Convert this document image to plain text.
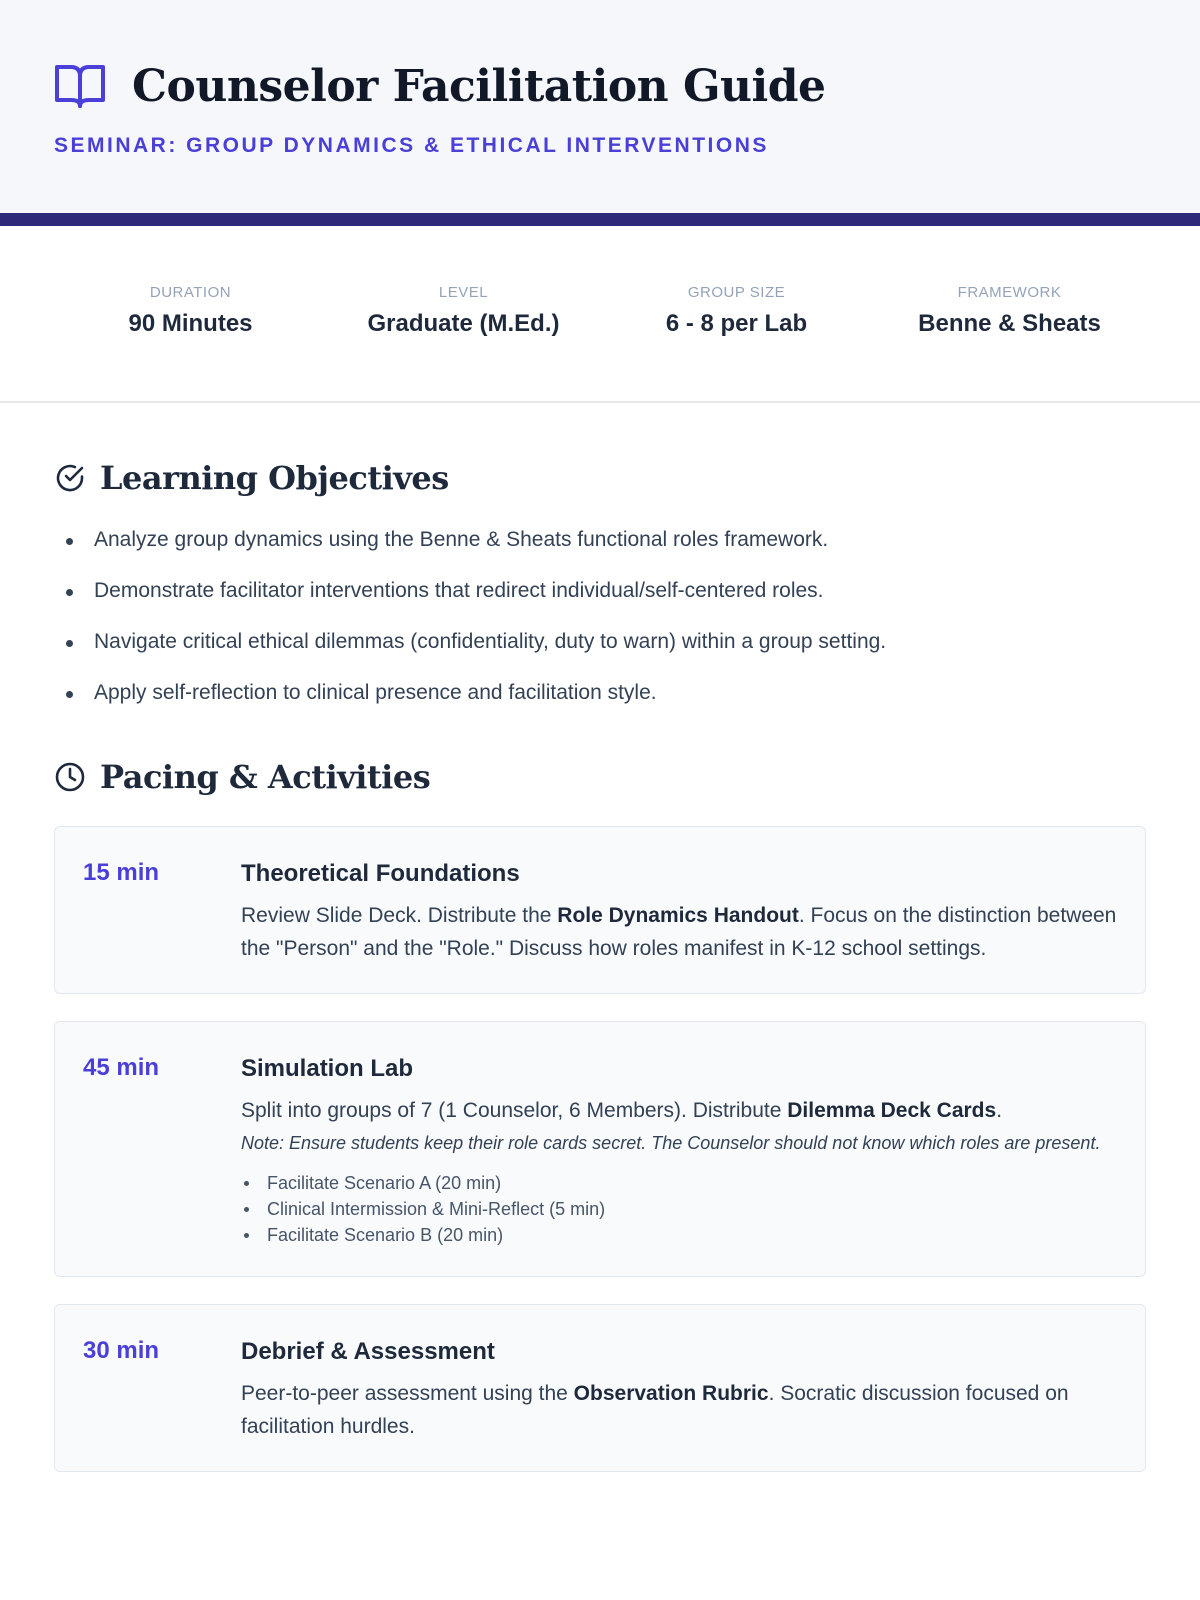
Counselor Facilitation Guide
SEMINAR: GROUP DYNAMICS & ETHICAL INTERVENTIONS
DURATION
90 Minutes
LEVEL
Graduate (M.Ed.)
GROUP SIZE
6 - 8 per Lab
FRAMEWORK
Benne & Sheats
Learning Objectives
Analyze group dynamics using the Benne & Sheats functional roles framework.
Demonstrate facilitator interventions that redirect individual/self-centered roles.
Navigate critical ethical dilemmas (confidentiality, duty to warn) within a group setting.
Apply self-reflection to clinical presence and facilitation style.
Pacing & Activities
15 min	Theoretical Foundations

Review Slide Deck. Distribute the Role Dynamics Handout. Focus on the distinction between the "Person" and the "Role." Discuss how roles manifest in K-12 school settings.

45 min	Simulation Lab

Split into groups of 7 (1 Counselor, 6 Members). Distribute Dilemma Deck Cards.

Note: Ensure students keep their role cards secret. The Counselor should not know which roles are present.

Facilitate Scenario A (20 min)
Clinical Intermission & Mini-Reflect (5 min)
Facilitate Scenario B (20 min)
30 min	Debrief & Assessment

Peer-to-peer assessment using the Observation Rubric. Socratic discussion focused on facilitation hurdles.
